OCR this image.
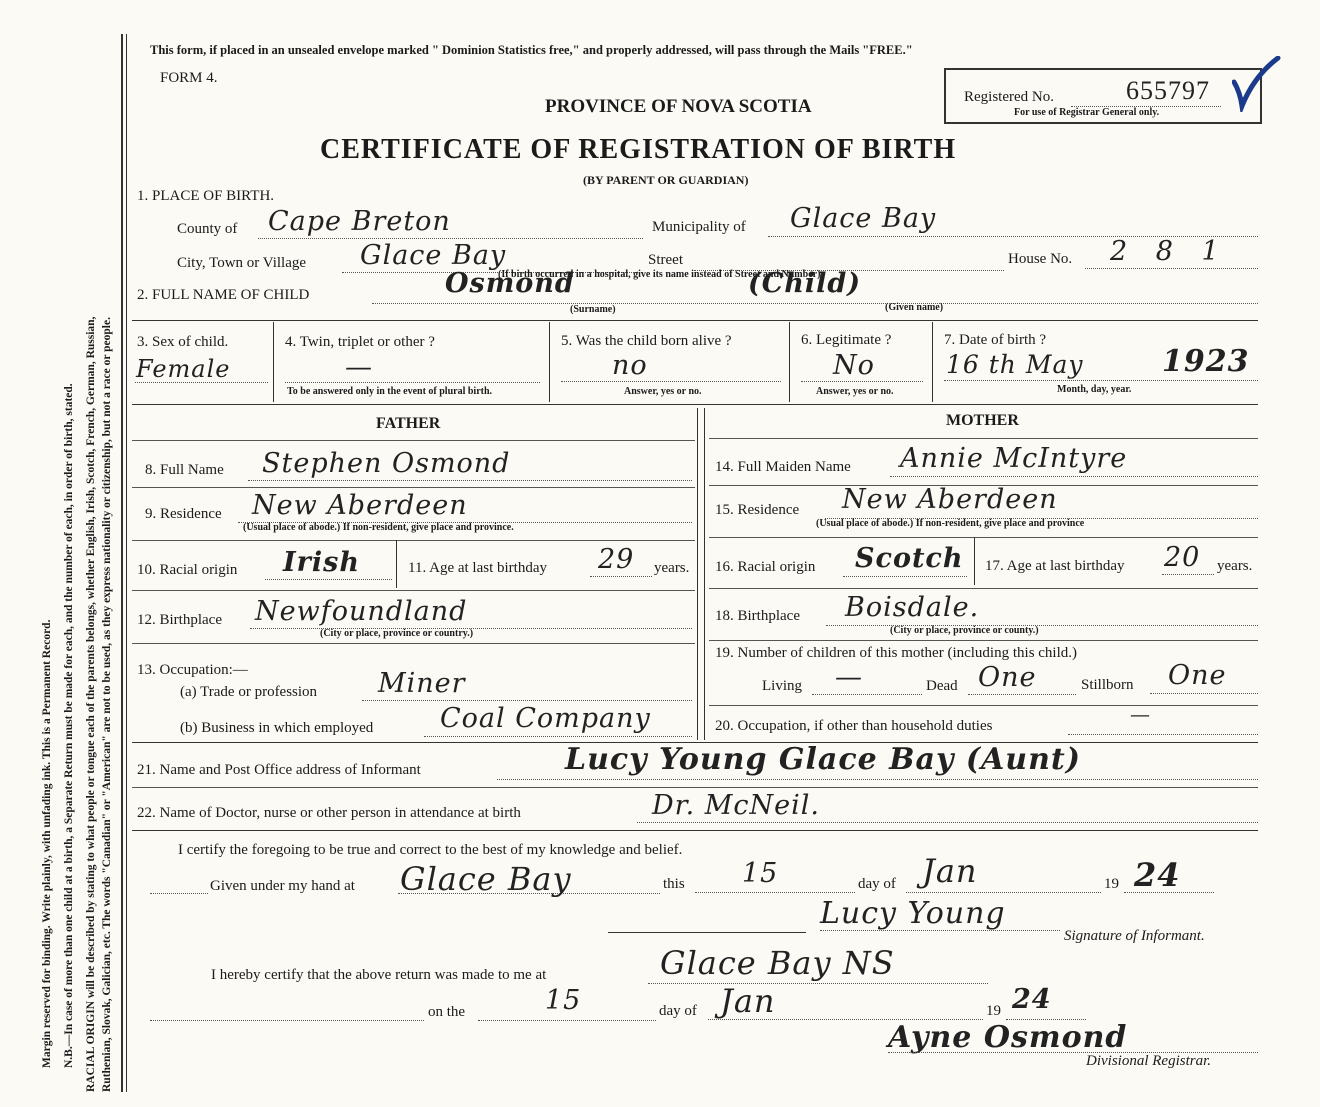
Margin reserved for binding. Write plainly, with unfading ink. This is a Permanent Record. N.B.—In case of more than one child at a birth, a Separate Return must be made for each, and the number of each, in order of birth, stated. RACIAL ORIGIN will be described by stating to what people or tongue each of the parents belongs, whether English, Irish, Scotch, French, German, Russian, Ruthenian, Slovak, Galician, etc. The words "Canadian" or "American" are not to be used, as they express nationality or citizenship, but not a race or people.
This form, if placed in an unsealed envelope marked " Dominion Statistics free," and properly addressed, will pass through the Mails "FREE."
FORM 4.
PROVINCE OF NOVA SCOTIA
CERTIFICATE OF REGISTRATION OF BIRTH
(BY PARENT OR GUARDIAN)
Registered No.	655797
For use of Registrar General only.
1. PLACE OF BIRTH.
County of Cape Breton	Municipality of Glace Bay
City, Town or Village Glace Bay	Street
(If birth occurred in a hospital, give its name instead of Street and Number)
House No. 2 8 1
2. FULL NAME OF CHILD	Osmond	(Child)
(Surname)	(Given name)
3. Sex of child.
Female
4. Twin, triplet or other ?
—
To be answered only in the event of plural birth.
5. Was the child born alive ?
no
Answer, yes or no.
6. Legitimate ?
No
Answer, yes or no.
7. Date of birth ?
16 th May	1923
Month, day, year.
FATHER	MOTHER
8. Full Name Stephen Osmond
9. Residence New Aberdeen
(Usual place of abode.) If non-resident, give place and province.
10. Racial origin Irish	11. Age at last birthday 29 years.
12. Birthplace Newfoundland
(City or place, province or country.)
13. Occupation:—
(a) Trade or profession Miner
(b) Business in which employed Coal Company
14. Full Maiden Name Annie McIntyre
15. Residence New Aberdeen
(Usual place of abode.) If non-resident, give place and province
16. Racial origin Scotch 17. Age at last birthday 20 years.
18. Birthplace Boisdale.
(City or place, province or county.)
19. Number of children of this mother (including this child.)
Living —	Dead One	Stillborn One
20. Occupation, if other than household duties	—
21. Name and Post Office address of Informant	Lucy Young Glace Bay (Aunt)
22. Name of Doctor, nurse or other person in attendance at birth	Dr. McNeil.
I certify the foregoing to be true and correct to the best of my knowledge and belief.
Given under my hand at Glace Bay	this 15	day of Jan	19 24
Lucy Young
Signature of Informant.
I hereby certify that the above return was made to me at	Glace Bay NS
on the	15	day of Jan	19 24
Ayne Osmond
Divisional Registrar.
